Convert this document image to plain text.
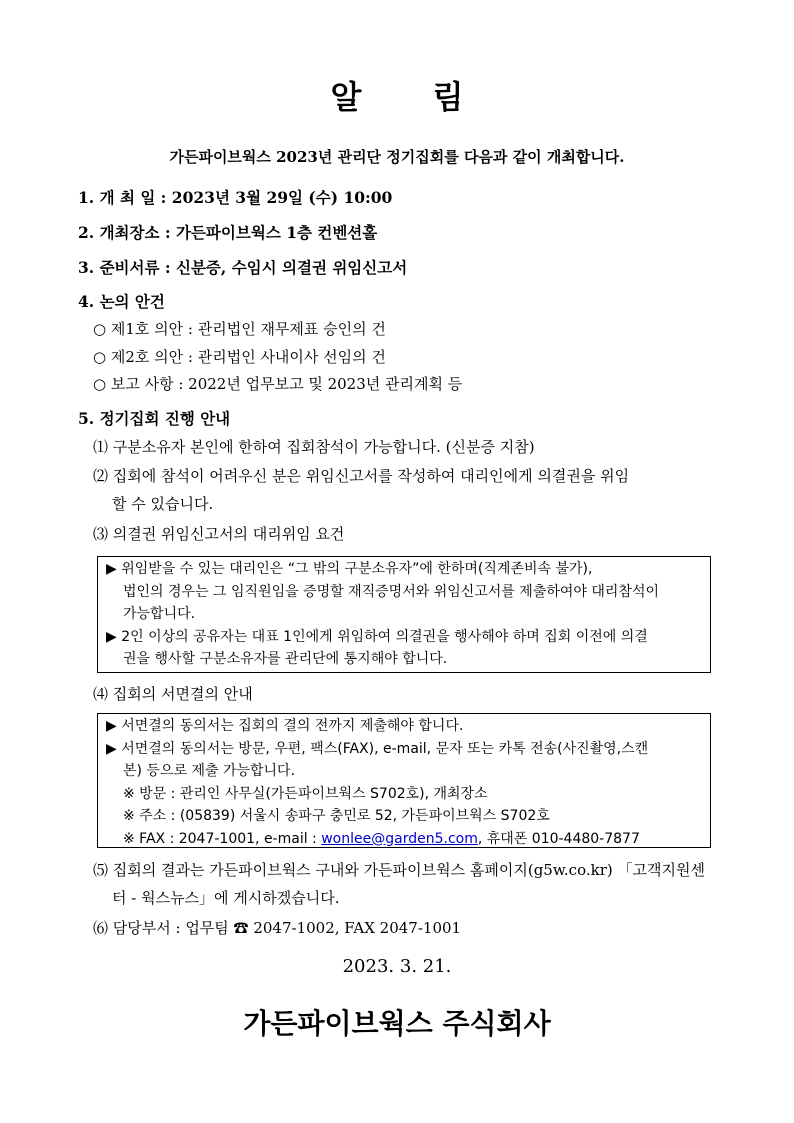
알 림
가든파이브웍스 2023년 관리단 정기집회를 다음과 같이 개최합니다.
1. 개 최 일 : 2023년 3월 29일 (수) 10:00
2. 개최장소 : 가든파이브웍스 1층 컨벤션홀
3. 준비서류 : 신분증, 수임시 의결권 위임신고서
4. 논의 안건
○ 제1호 의안 : 관리법인 재무제표 승인의 건
○ 제2호 의안 : 관리법인 사내이사 선임의 건
○ 보고 사항 : 2022년 업무보고 및 2023년 관리계획 등
5. 정기집회 진행 안내
⑴ 구분소유자 본인에 한하여 집회참석이 가능합니다. (신분증 지참)
⑵ 집회에 참석이 어려우신 분은 위임신고서를 작성하여 대리인에게 의결권을 위임
할 수 있습니다.
⑶ 의결권 위임신고서의 대리위임 요건
▶ 위임받을 수 있는 대리인은 “그 밖의 구분소유자”에 한하며(직계존비속 불가),
법인의 경우는 그 임직원임을 증명할 재직증명서와 위임신고서를 제출하여야 대리참석이
가능합니다.
▶ 2인 이상의 공유자는 대표 1인에게 위임하여 의결권을 행사해야 하며 집회 이전에 의결
권을 행사할 구분소유자를 관리단에 통지해야 합니다.
⑷ 집회의 서면결의 안내
▶ 서면결의 동의서는 집회의 결의 전까지 제출해야 합니다.
▶ 서면결의 동의서는 방문, 우편, 팩스(FAX), e-mail, 문자 또는 카톡 전송(사진촬영,스캔
본) 등으로 제출 가능합니다.
※ 방문 : 관리인 사무실(가든파이브웍스 S702호), 개최장소
※ 주소 : (05839) 서울시 송파구 충민로 52, 가든파이브웍스 S702호
※ FAX : 2047-1001, e-mail : wonlee@garden5.com, 휴대폰 010-4480-7877
⑸ 집회의 결과는 가든파이브웍스 구내와 가든파이브웍스 홈페이지(g5w.co.kr) 「고객지원센
터 - 웍스뉴스」에 게시하겠습니다.
⑹ 담당부서 : 업무팀 ☎ 2047-1002, FAX 2047-1001
2023. 3. 21.
가든파이브웍스 주식회사
